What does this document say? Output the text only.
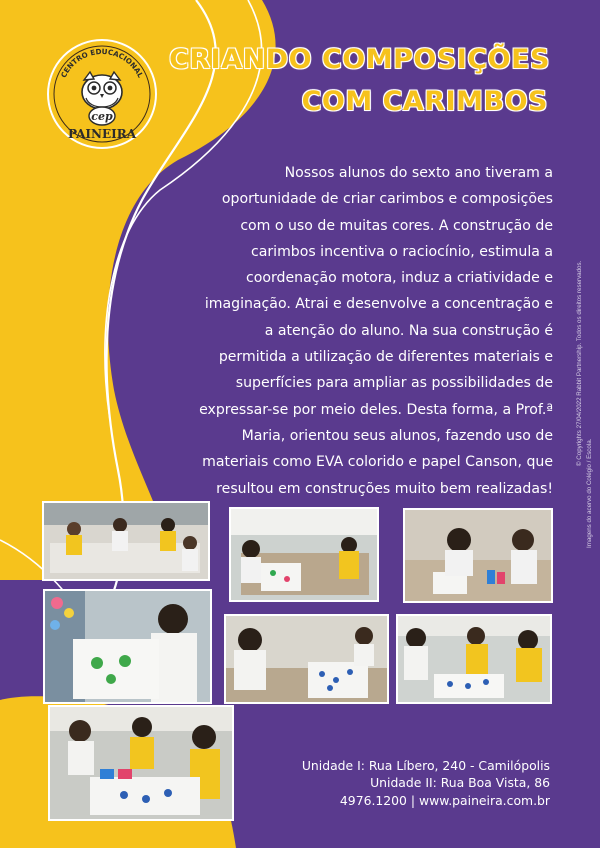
CENTRO EDUCACIONAL
cep
PAINEIRA
CRIANDO COMPOSIÇÕES
COM CARIMBOS
Nossos alunos do sexto ano tiveram a oportunidade de criar carimbos e composições com o uso de muitas cores. A construção de carimbos incentiva o raciocínio, estimula a coordenação motora, induz a criatividade e imaginação. Atrai e desenvolve a concentração e a atenção do aluno. Na sua construção é permitida a utilização de diferentes materiais e superfícies para ampliar as possibilidades de expressar-se por meio deles. Desta forma, a Prof.ª Maria, orientou seus alunos, fazendo uso de materiais como EVA colorido e papel Canson, que resultou em construções muito bem realizadas!
© Copyrights 27/04/2022 Rabbit Partnership. Todos os direitos reservados.
Imagens do acervo do Colégio / Escola.
Unidade I: Rua Líbero, 240 - Camilópolis
Unidade II: Rua Boa Vista, 86
4976.1200 | www.paineira.com.br
